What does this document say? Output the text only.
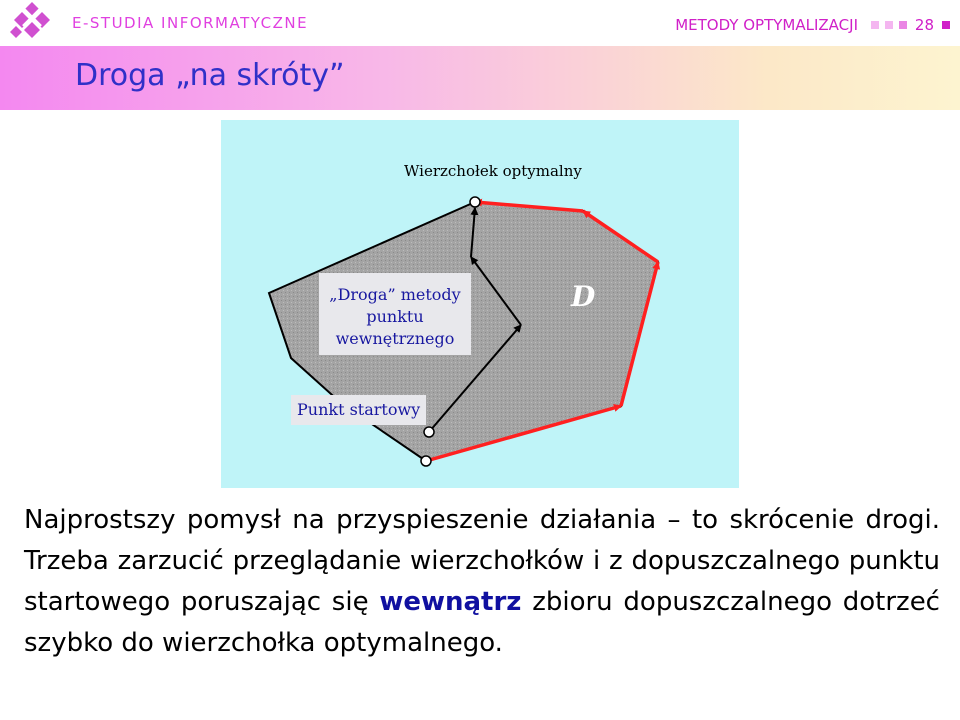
E-STUDIA INFORMATYCZNE	METODY OPTYMALIZACJI	28
Droga „na skróty”
Wierzchołek optymalny
„Droga” metody
punktu
wewnętrznego
Punkt startowy
D
Najprostszy pomysł na przyspieszenie działania – to skrócenie drogi. Trzeba zarzucić przeglądanie wierzchołków i z dopuszczalnego punktu startowego poruszając się wewnątrz zbioru dopuszczalnego dotrzeć szybko do wierzchołka optymalnego.
